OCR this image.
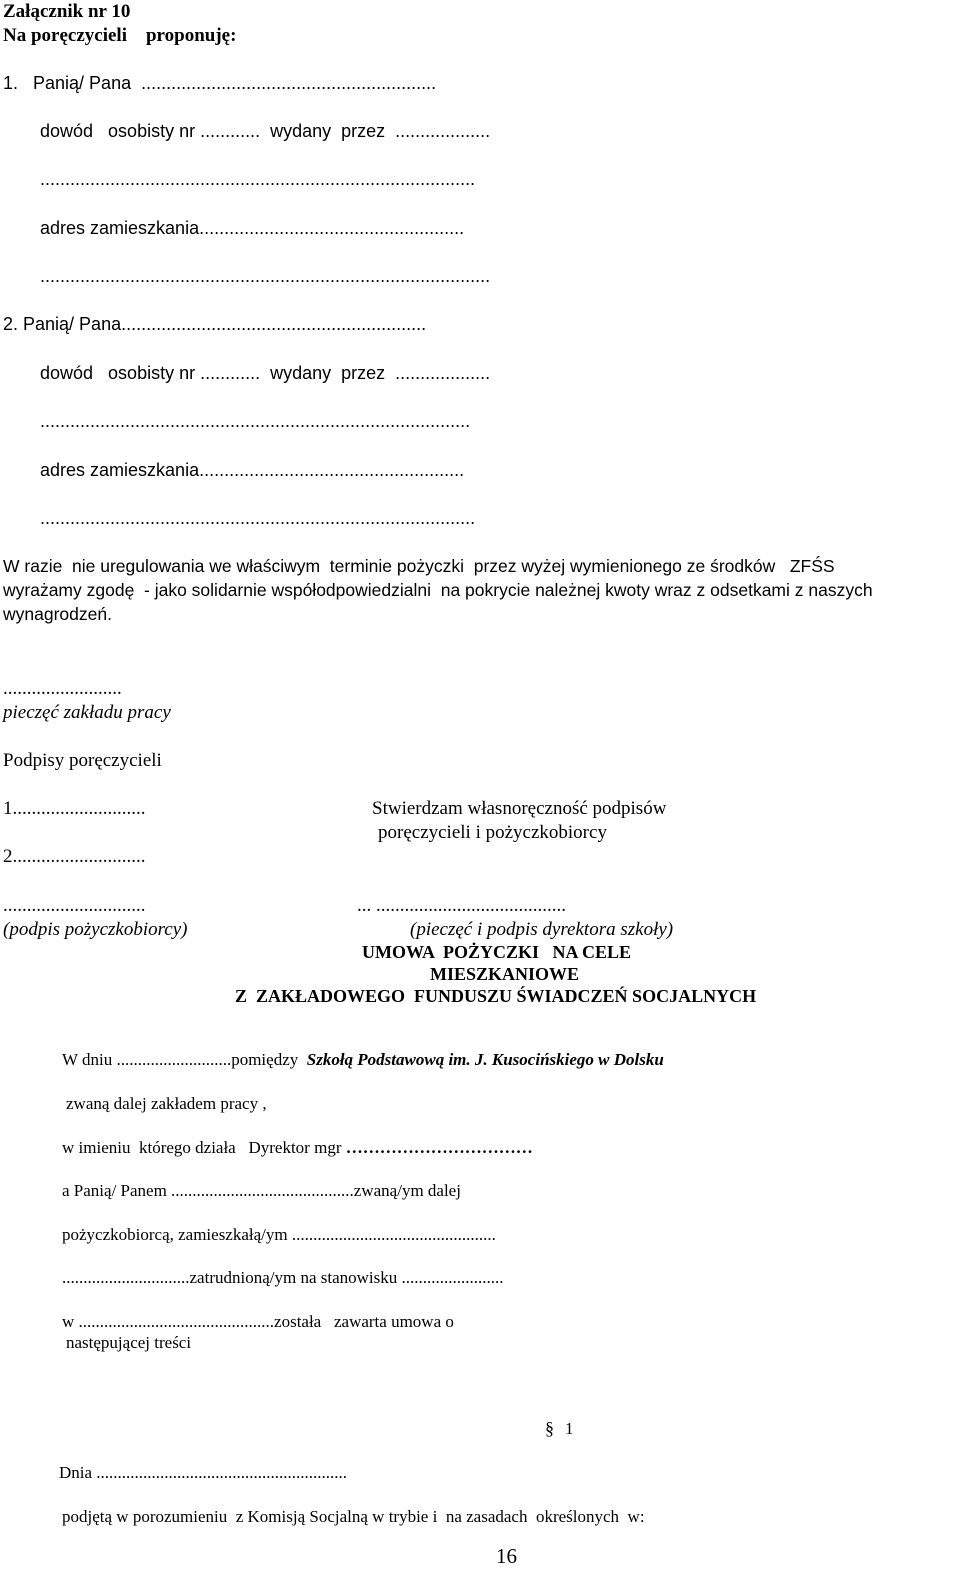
Załącznik nr 10
Na poręczycieli    proponuję:
1.   Panią/ Pana  ...........................................................
dowód   osobisty nr ............  wydany  przez  ...................
.......................................................................................
adres zamieszkania.....................................................
..........................................................................................
2. Panią/ Pana.............................................................
dowód   osobisty nr ............  wydany  przez  ...................
......................................................................................
adres zamieszkania.....................................................
.......................................................................................
W razie  nie uregulowania we właściwym  terminie pożyczki  przez wyżej wymienionego ze środków   ZFŚS
wyrażamy zgodę  - jako solidarnie współodpowiedzialni  na pokrycie należnej kwoty wraz z odsetkami z naszych
wynagrodzeń.
.........................
pieczęć zakładu pracy
Podpisy poręczycieli
1............................	Stwierdzam własnoręczność podpisów
poręczycieli i pożyczkobiorcy
2............................
..............................	... ........................................
(podpis pożyczkobiorcy)	(pieczęć i podpis dyrektora szkoły)
UMOWA  POŻYCZKI   NA CELE
MIESZKANIOWE
Z  ZAKŁADOWEGO  FUNDUSZU ŚWIADCZEŃ SOCJALNYCH
W dniu ...........................pomiędzy Szkołą Podstawową im. J. Kusocińskiego w Dolsku
zwaną dalej zakładem pracy ,
w imieniu  którego działa   Dyrektor mgr ……………………………
a Panią/ Panem ...........................................zwaną/ym dalej
pożyczkobiorcą, zamieszkałą/ym ................................................
..............................zatrudnioną/ym na stanowisku ........................
w ..............................................została   zawarta umowa o
następującej treści
§ 1
Dnia ...........................................................
podjętą w porozumieniu  z Komisją Socjalną w trybie i  na zasadach  określonych  w:
16
